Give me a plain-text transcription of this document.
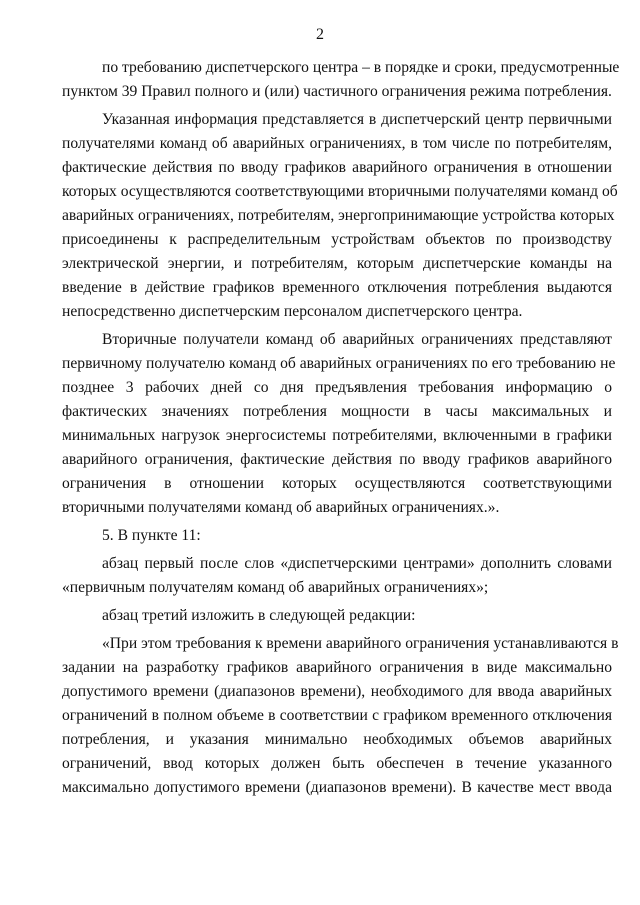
2
по требованию диспетчерского центра – в порядке и сроки, предусмотренные
пунктом 39 Правил полного и (или) частичного ограничения режима потребления.
Указанная информация представляется в диспетчерский центр первичными
получателями команд об аварийных ограничениях, в том числе по потребителям,
фактические действия по вводу графиков аварийного ограничения в отношении
которых осуществляются соответствующими вторичными получателями команд об
аварийных ограничениях, потребителям, энергопринимающие устройства которых
присоединены к распределительным устройствам объектов по производству
электрической энергии, и потребителям, которым диспетчерские команды на
введение в действие графиков временного отключения потребления выдаются
непосредственно диспетчерским персоналом диспетчерского центра.
Вторичные получатели команд об аварийных ограничениях представляют
первичному получателю команд об аварийных ограничениях по его требованию не
позднее 3 рабочих дней со дня предъявления требования информацию о
фактических значениях потребления мощности в часы максимальных и
минимальных нагрузок энергосистемы потребителями, включенными в графики
аварийного ограничения, фактические действия по вводу графиков аварийного
ограничения в отношении которых осуществляются соответствующими
вторичными получателями команд об аварийных ограничениях.».
5. В пункте 11:
абзац первый после слов «диспетчерскими центрами» дополнить словами
«первичным получателям команд об аварийных ограничениях»;
абзац третий изложить в следующей редакции:
«При этом требования к времени аварийного ограничения устанавливаются в
задании на разработку графиков аварийного ограничения в виде максимально
допустимого времени (диапазонов времени), необходимого для ввода аварийных
ограничений в полном объеме в соответствии с графиком временного отключения
потребления, и указания минимально необходимых объемов аварийных
ограничений, ввод которых должен быть обеспечен в течение указанного
максимально допустимого времени (диапазонов времени). В качестве мест ввода
